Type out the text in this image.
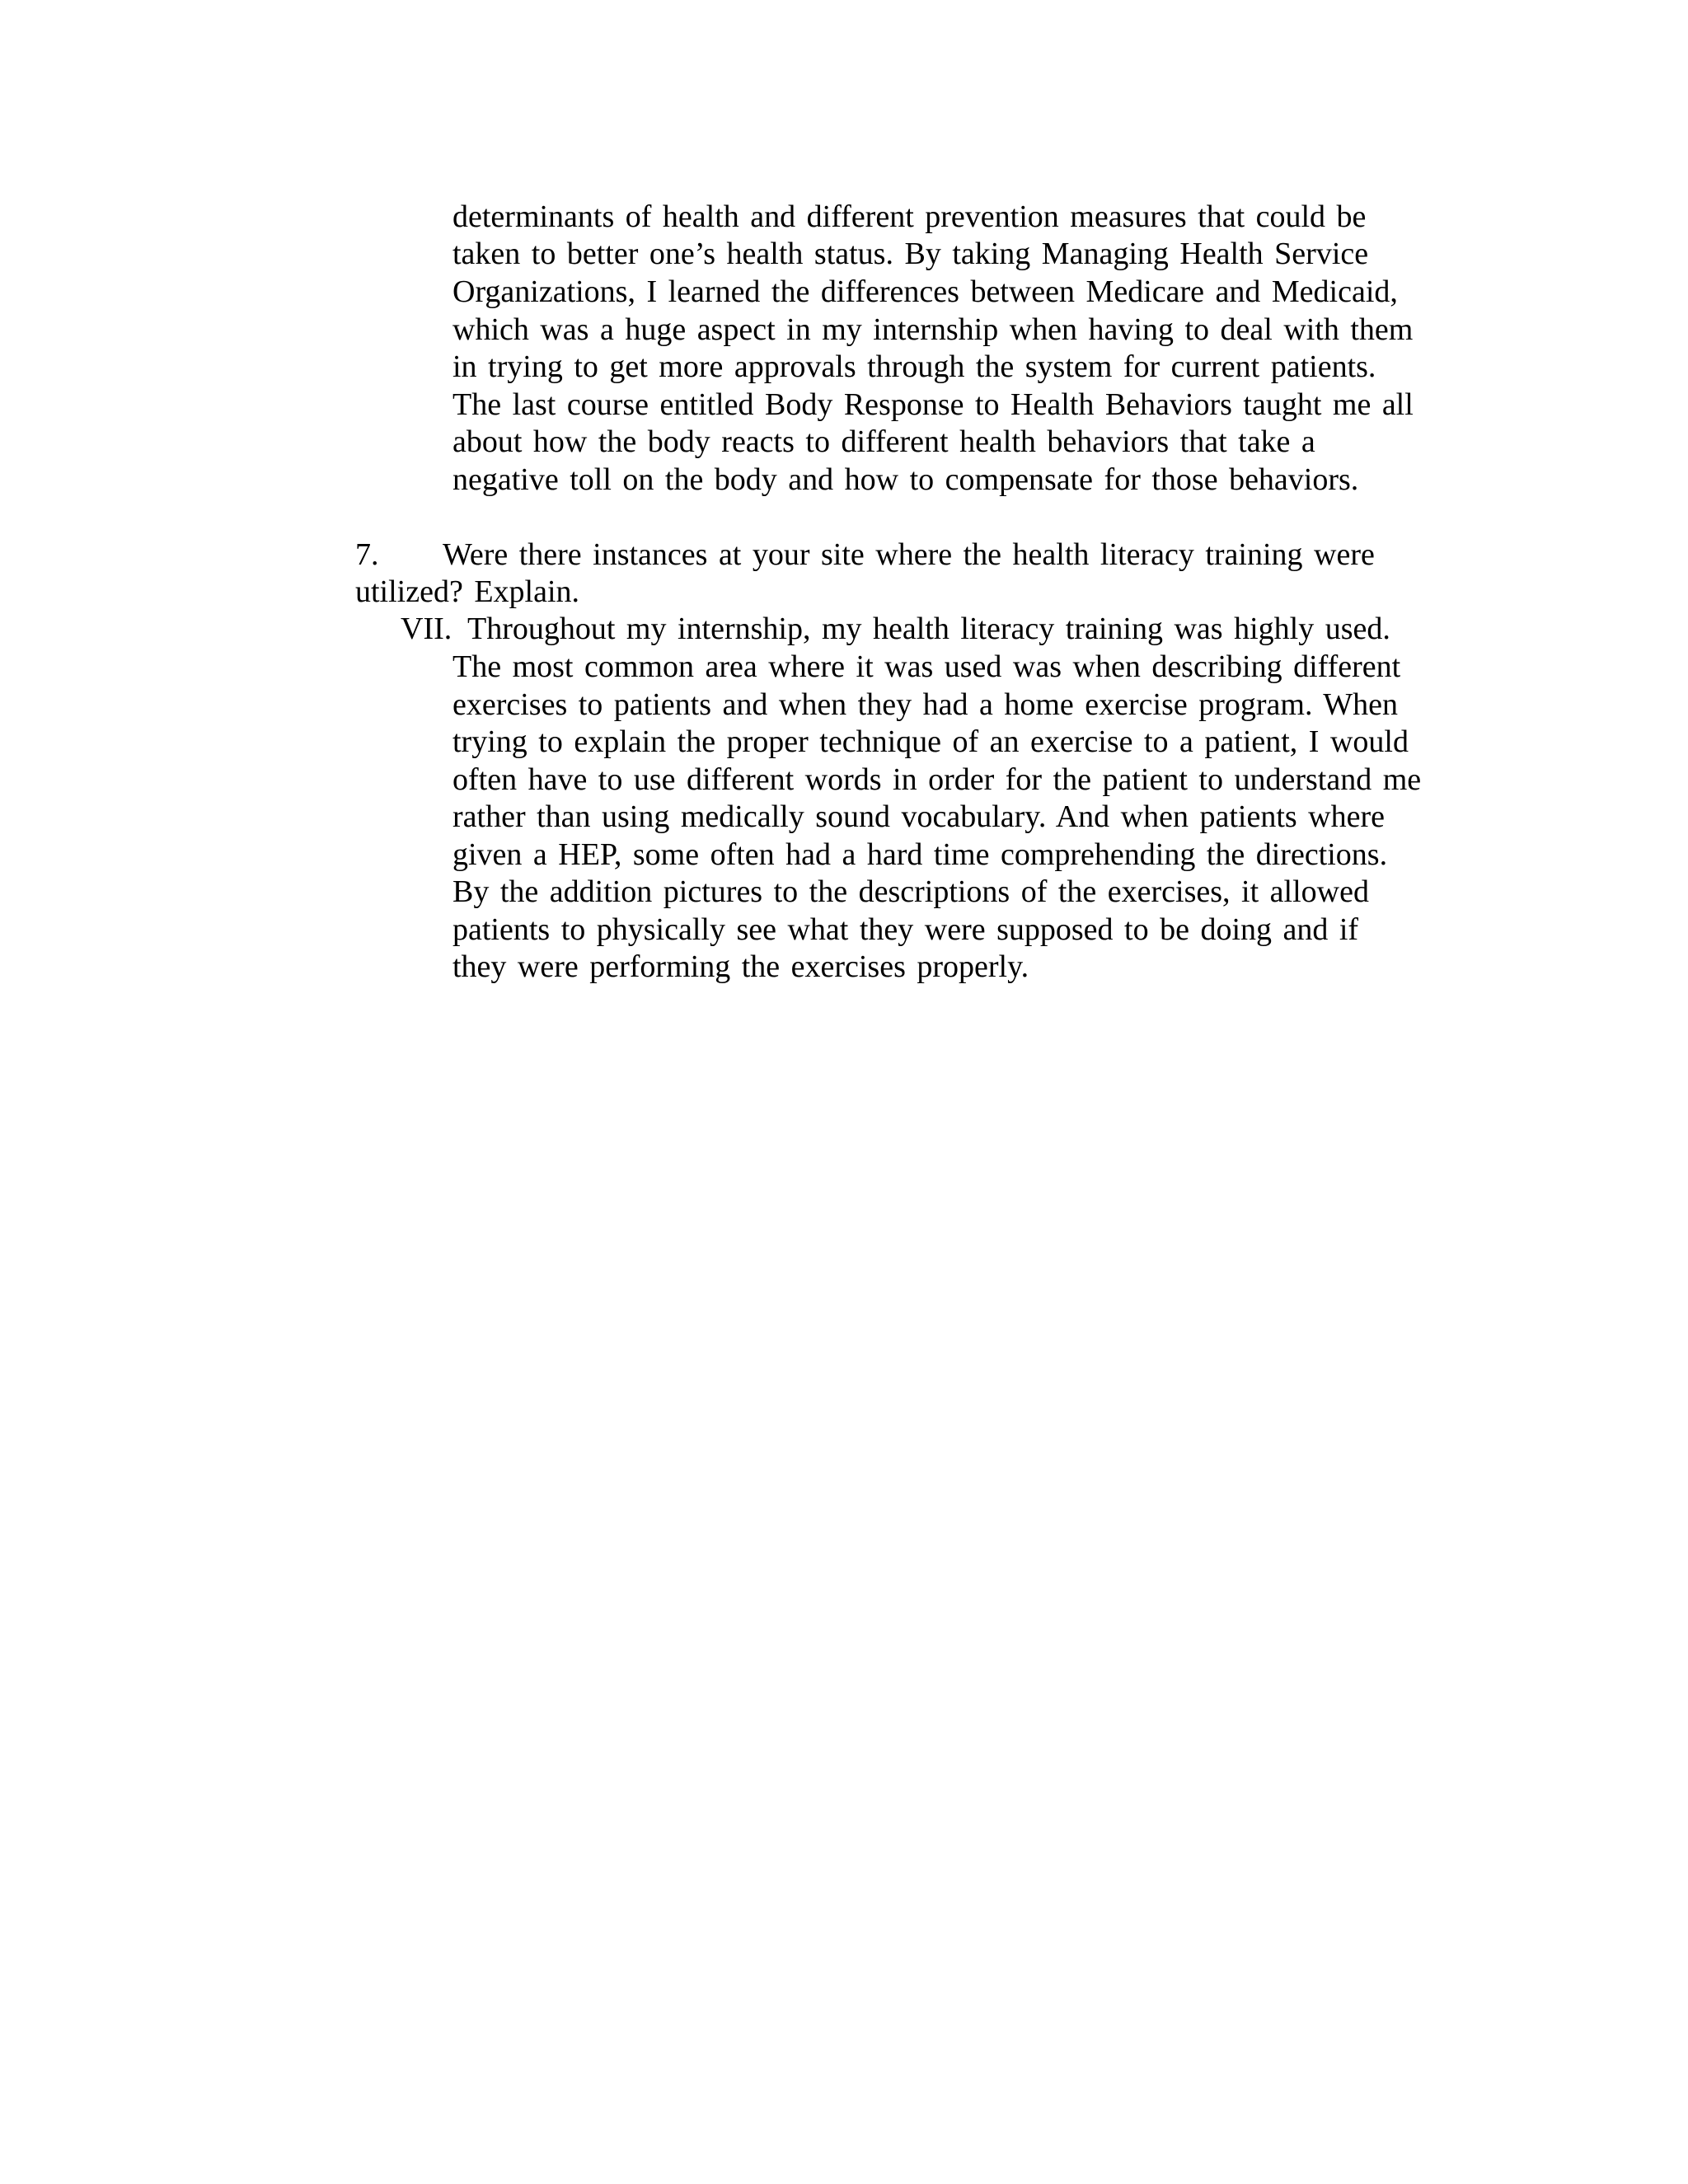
determinants of health and different prevention measures that could be
taken to better one’s health status. By taking Managing Health Service
Organizations, I learned the differences between Medicare and Medicaid,
which was a huge aspect in my internship when having to deal with them
in trying to get more approvals through the system for current patients.
The last course entitled Body Response to Health Behaviors taught me all
about how the body reacts to different health behaviors that take a
negative toll on the body and how to compensate for those behaviors.
7. Were there instances at your site where the health literacy training were
utilized? Explain.
VII. Throughout my internship, my health literacy training was highly used.
The most common area where it was used was when describing different
exercises to patients and when they had a home exercise program. When
trying to explain the proper technique of an exercise to a patient, I would
often have to use different words in order for the patient to understand me
rather than using medically sound vocabulary. And when patients where
given a HEP, some often had a hard time comprehending the directions.
By the addition pictures to the descriptions of the exercises, it allowed
patients to physically see what they were supposed to be doing and if
they were performing the exercises properly.
